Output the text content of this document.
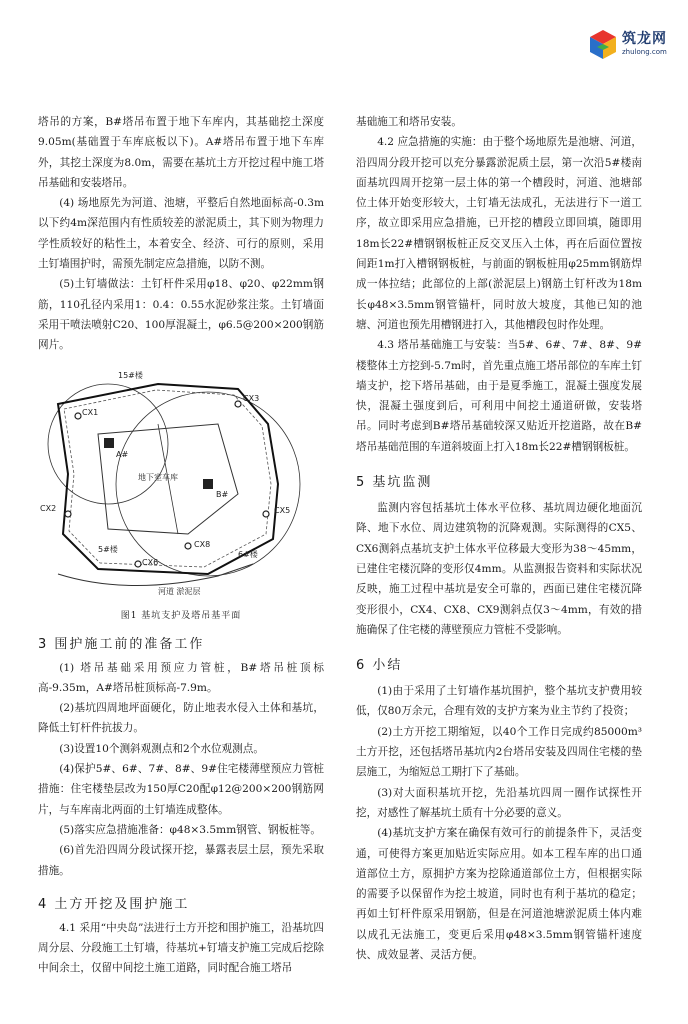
筑龙网
zhulong.com

塔吊的方案，B#塔吊布置于地下车库内，其基础挖土深度9.05m(基础置于车库底板以下)。A#塔吊布置于地下车库外，其挖土深度为8.0m，需要在基坑土方开挖过程中施工塔吊基础和安装塔吊。

(4) 场地原先为河道、池塘，平整后自然地面标高-0.3m以下约4m深范围内有性质较差的淤泥质土，其下则为物理力学性质较好的粘性土，本着安全、经济、可行的原则，采用土钉墙围护时，需预先制定应急措施，以防不测。

(5)土钉墙做法：土钉杆件采用φ18、φ20、φ22mm钢筋，110孔径内采用1：0.4：0.55水泥砂浆注浆。土钉墙面采用干喷法喷射C20、100厚混凝土，φ6.5@200×200钢筋网片。

CX1
CX3
CX8
CX2	CX5
CX6
15#楼
地下室车库
5#楼
6#楼
河道 淤泥层
A#
B#
图1 基坑支护及塔吊基平面
3 围护施工前的准备工作

(1) 塔吊基础采用预应力管桩，B#塔吊桩顶标高-9.35m，A#塔吊桩顶标高-7.9m。

(2)基坑四周地坪面硬化，防止地表水侵入土体和基坑，降低土钉杆件抗拔力。

(3)设置10个测斜观测点和2个水位观测点。

(4)保护5#、6#、7#、8#、9#住宅楼薄壁预应力管桩措施：住宅楼垫层改为150厚C20配φ12@200×200钢筋网片，与车库南北两面的土钉墙连成整体。

(5)落实应急措施准备：φ48×3.5mm钢管、钢板桩等。

(6)首先沿四周分段试探开挖，暴露表层土层，预先采取措施。

4 土方开挖及围护施工

4.1 采用“中央岛”法进行土方开挖和围护施工，沿基坑四周分层、分段施工土钉墙，待基坑+钉墙支护施工完成后挖除中间余土，仅留中间挖土施工道路，同时配合施工塔吊

基础施工和塔吊安装。

4.2 应急措施的实施：由于整个场地原先是池塘、河道，沿四周分段开挖可以充分暴露淤泥质土层，第一次沿5#楼南面基坑四周开挖第一层土体的第一个槽段时，河道、池塘部位土体开始变形较大，土钉墙无法成孔，无法进行下一道工序，故立即采用应急措施，已开挖的槽段立即回填，随即用18m长22#槽钢钢板桩正反交叉压入土体，再在后面位置按间距1m打入槽钢钢板桩，与前面的钢板桩用φ25mm钢筋焊成一体拉结；此部位的上部(淤泥层上)钢筋土钉杆改为18m长φ48×3.5mm钢管锚杆，同时放大坡度，其他已知的池塘、河道也预先用槽钢进打入，其他槽段包时作处理。

4.3 塔吊基础施工与安装：当5#、6#、7#、8#、9#楼整体土方挖到-5.7m时，首先重点施工塔吊部位的车库土钉墙支护，挖下塔吊基础，由于是夏季施工，混凝土强度发展快，混凝土强度到后，可利用中间挖土通道研做，安装塔吊。同时考虑到B#塔吊基础较深又贴近开挖道路，故在B#塔吊基础范围的车道斜坡面上打入18m长22#槽钢钢板桩。

5 基坑监测

监测内容包括基坑土体水平位移、基坑周边硬化地面沉降、地下水位、周边建筑物的沉降观测。实际测得的CX5、CX6测斜点基坑支护土体水平位移最大变形为38～45mm，已建住宅楼沉降的变形仅4mm。从监测报告资料和实际状况反映，施工过程中基坑是安全可靠的，西面已建住宅楼沉降变形很小，CX4、CX8、CX9测斜点仅3～4mm，有效的措施确保了住宅楼的薄壁预应力管桩不受影响。

6 小结

(1)由于采用了土钉墙作基坑围护，整个基坑支护费用较低，仅80万余元，合理有效的支护方案为业主节约了投资；

(2)土方开挖工期缩短，以40个工作日完成约85000m³土方开挖，还包括塔吊基坑内2台塔吊安装及四周住宅楼的垫层施工，为缩短总工期打下了基础。

(3)对大面积基坑开挖，先沿基坑四周一圈作试探性开挖，对感性了解基坑土质有十分必要的意义。

(4)基坑支护方案在确保有效可行的前提条件下，灵活变通，可使得方案更加贴近实际应用。如本工程车库的出口通道部位土方，原拥护方案为挖除通道部位土方，但根据实际的需要予以保留作为挖土坡道，同时也有利于基坑的稳定；再如土钉杆件原采用钢筋，但是在河道池塘淤泥质土体内难以成孔无法施工，变更后采用φ48×3.5mm钢管锚杆速度快、成效显著、灵活方便。
